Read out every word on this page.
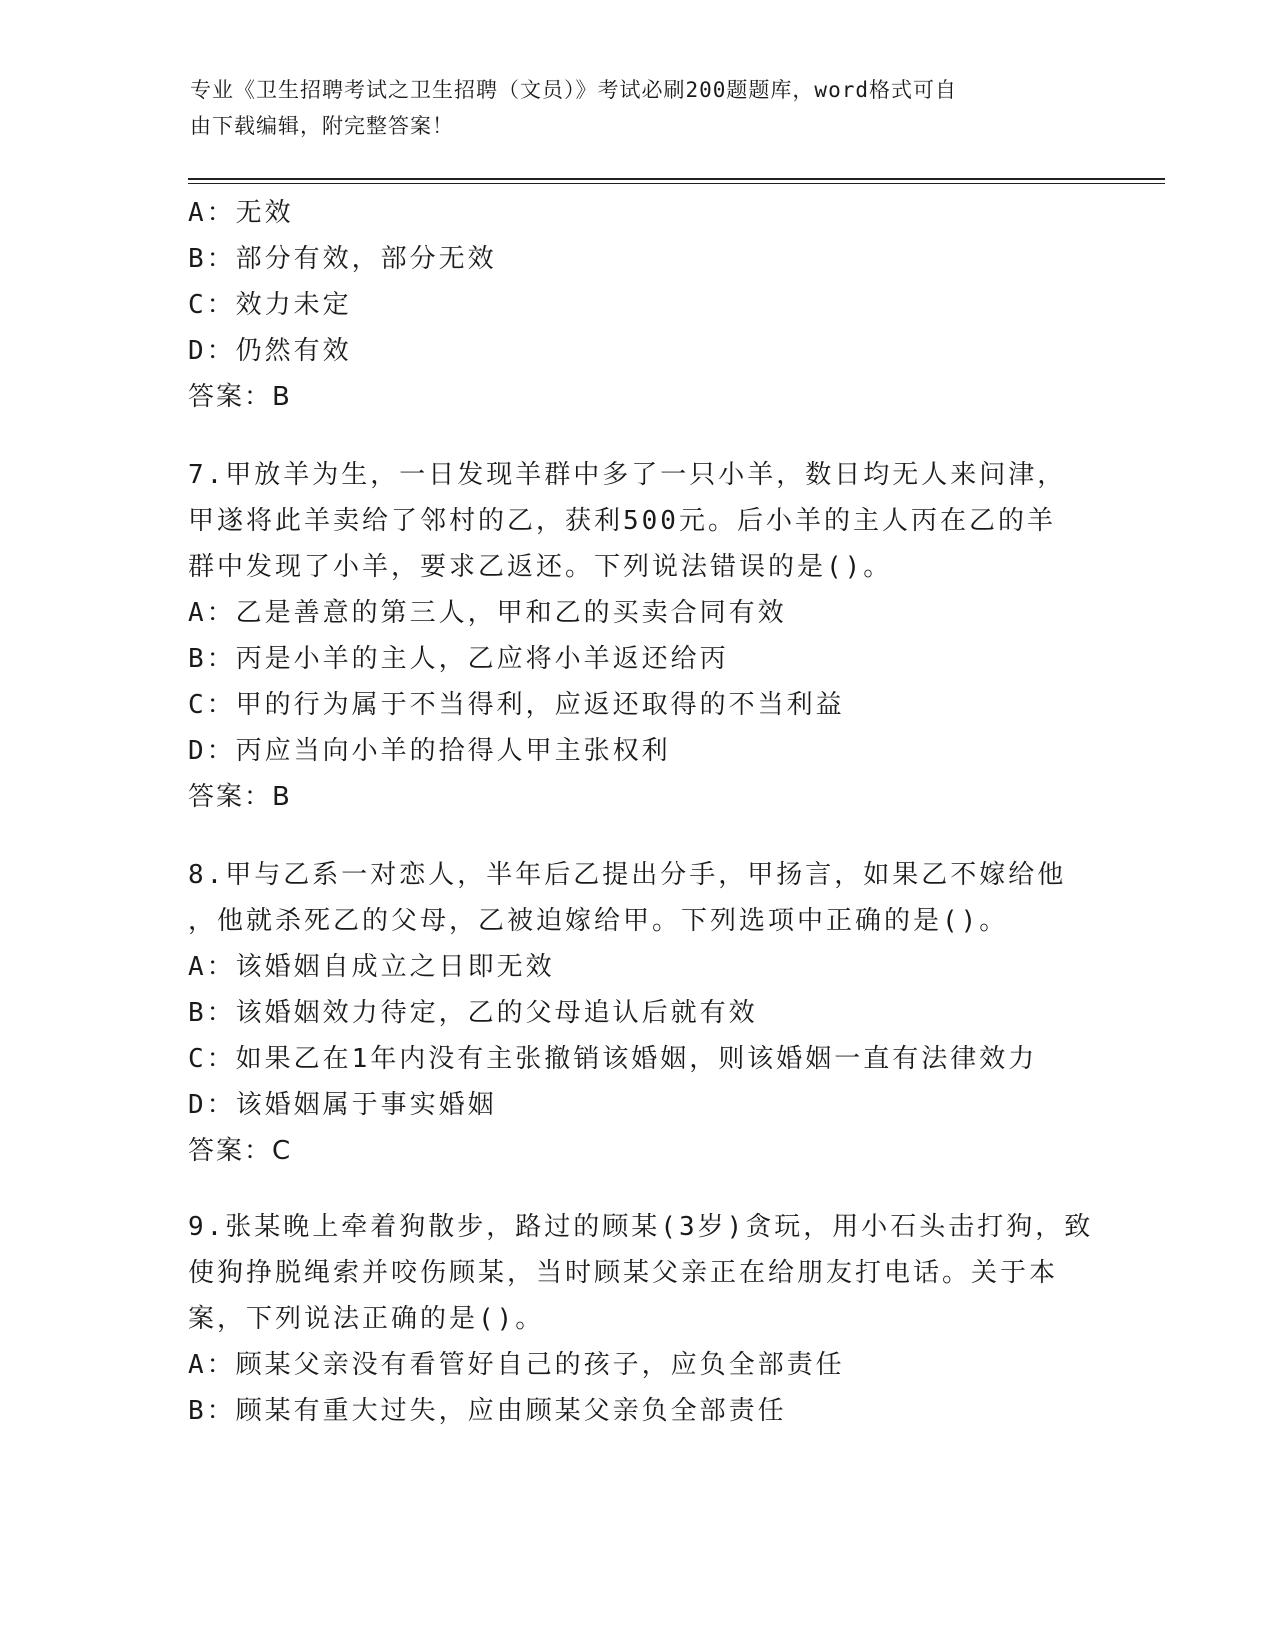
专业《卫生招聘考试之卫生招聘（文员）》考试必刷200题题库，word格式可自
由下载编辑，附完整答案！
A：无效
B：部分有效，部分无效
C：效力未定
D：仍然有效
答案：B
7.甲放羊为生，一日发现羊群中多了一只小羊，数日均无人来问津，
甲遂将此羊卖给了邻村的乙，获利500元。后小羊的主人丙在乙的羊
群中发现了小羊，要求乙返还。下列说法错误的是()。
A：乙是善意的第三人，甲和乙的买卖合同有效
B：丙是小羊的主人，乙应将小羊返还给丙
C：甲的行为属于不当得利，应返还取得的不当利益
D：丙应当向小羊的拾得人甲主张权利
答案：B
8.甲与乙系一对恋人，半年后乙提出分手，甲扬言，如果乙不嫁给他
，他就杀死乙的父母，乙被迫嫁给甲。下列选项中正确的是()。
A：该婚姻自成立之日即无效
B：该婚姻效力待定，乙的父母追认后就有效
C：如果乙在1年内没有主张撤销该婚姻，则该婚姻一直有法律效力
D：该婚姻属于事实婚姻
答案：C
9.张某晚上牵着狗散步，路过的顾某(3岁)贪玩，用小石头击打狗，致
使狗挣脱绳索并咬伤顾某，当时顾某父亲正在给朋友打电话。关于本
案，下列说法正确的是()。
A：顾某父亲没有看管好自己的孩子，应负全部责任
B：顾某有重大过失，应由顾某父亲负全部责任
